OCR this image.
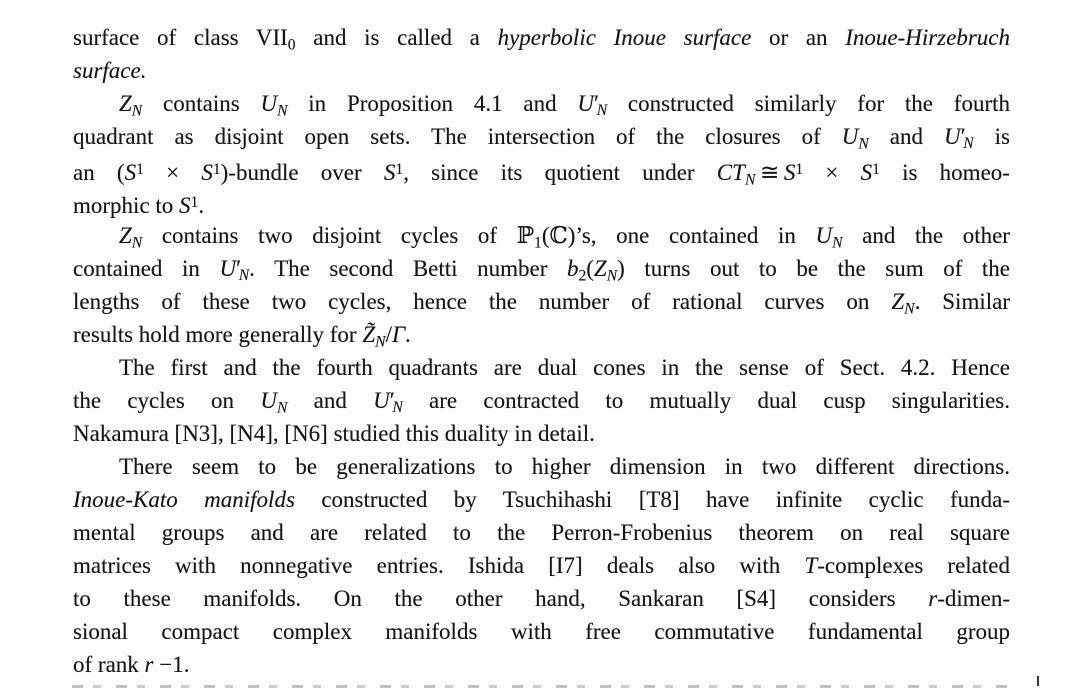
surface of class $VII_0$ and is called a hyperbolic Inoue surface or an Inoue-Hirzebruch
surface.
ZN contains UN in Proposition 4.1 and U′N constructed similarly for the fourth
quadrant as disjoint open sets. The intersection of the closures of UN and U′N is
an ($S^1$ × $S^1$)-bundle over $S^1$, since its quotient under CTN ≅ $S^1 \times S^1$ is homeo-
morphic to $S^1$.
ZN contains two disjoint cycles of ℙ$_1$(ℂ)’s, one contained in UN and the other
contained in U′N. The second Betti number $b_2(ZN)$ turns out to be the sum of the
lengths of these two cycles, hence the number of rational curves on ZN. Similar
results hold more generally for Z̃N/Γ.
The first and the fourth quadrants are dual cones in the sense of Sect. 4.2. Hence
the cycles on UN and U′N are contracted to mutually dual cusp singularities.
Nakamura [N3], [N4], [N6] studied this duality in detail.
There seem to be generalizations to higher dimension in two different directions.
Inoue-Kato manifolds constructed by Tsuchihashi [T8] have infinite cyclic funda-
mental groups and are related to the Perron-Frobenius theorem on real square
matrices with nonnegative entries. Ishida [I7] deals also with T-complexes related
to these manifolds. On the other hand, Sankaran [S4] considers r-dimen-
sional compact complex manifolds with free commutative fundamental group
of rank r −1.
